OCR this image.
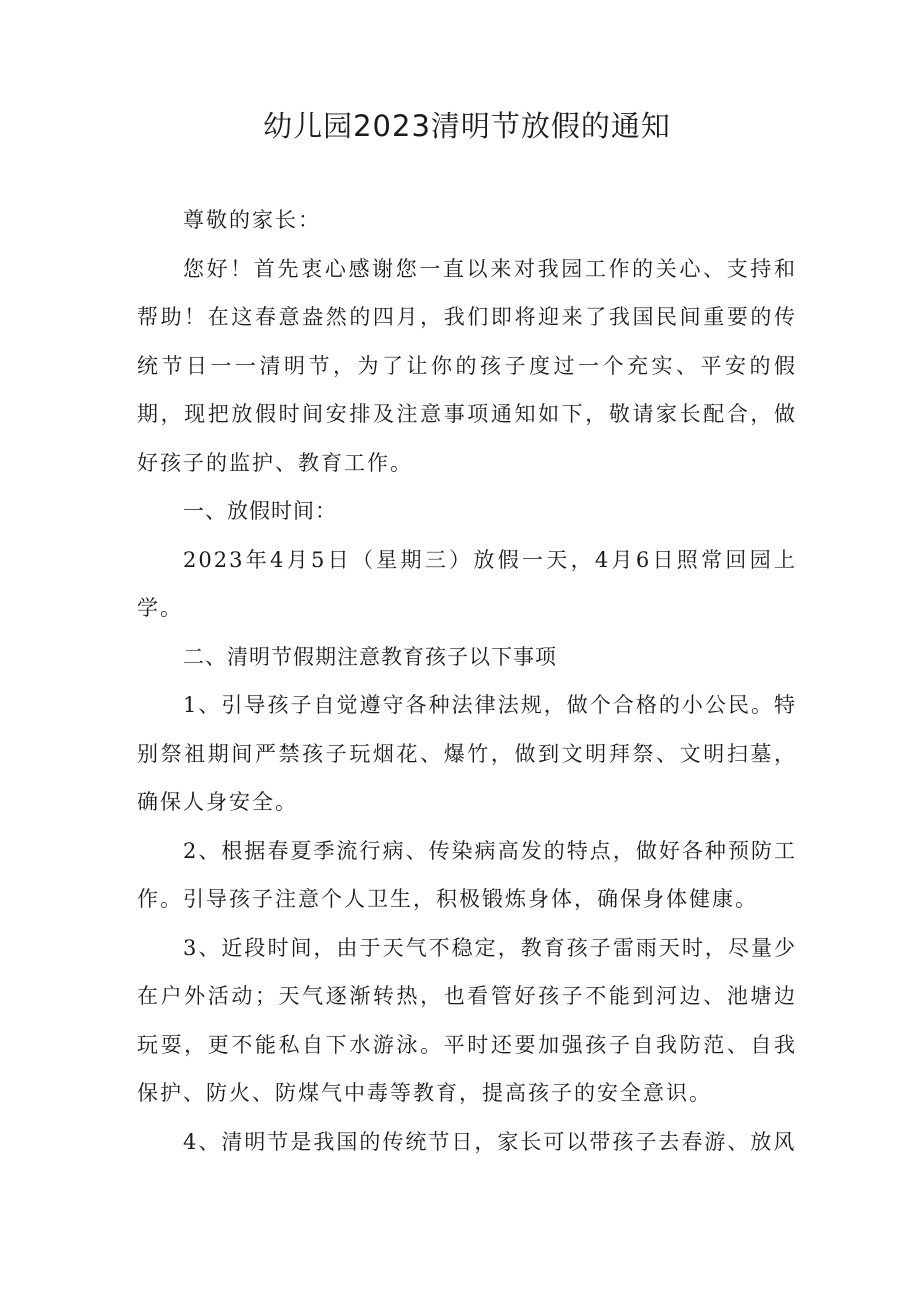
幼儿园2023清明节放假的通知

尊敬的家长：

您好！首先衷心感谢您一直以来对我园工作的关心、支持和帮助！在这春意盎然的四月，我们即将迎来了我国民间重要的传统节日一一清明节，为了让你的孩子度过一个充实、平安的假期，现把放假时间安排及注意事项通知如下，敬请家长配合，做好孩子的监护、教育工作。

一、放假时间：

2023年4月5日（星期三）放假一天，4月6日照常回园上学。

二、清明节假期注意教育孩子以下事项

1、引导孩子自觉遵守各种法律法规，做个合格的小公民。特别祭祖期间严禁孩子玩烟花、爆竹，做到文明拜祭、文明扫墓，确保人身安全。

2、根据春夏季流行病、传染病高发的特点，做好各种预防工作。引导孩子注意个人卫生，积极锻炼身体，确保身体健康。

3、近段时间，由于天气不稳定，教育孩子雷雨天时，尽量少在户外活动；天气逐渐转热，也看管好孩子不能到河边、池塘边玩耍，更不能私自下水游泳。平时还要加强孩子自我防范、自我保护、防火、防煤气中毒等教育，提高孩子的安全意识。

4、清明节是我国的传统节日，家长可以带孩子去春游、放风
